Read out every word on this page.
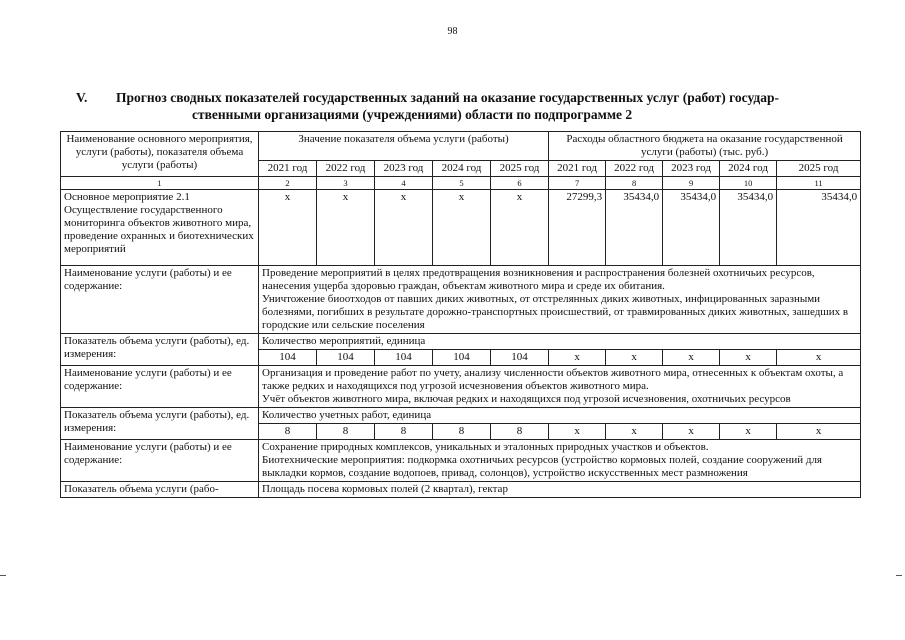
98
V. Прогноз сводных показателей государственных заданий на оказание государственных услуг (работ) государ-
ственными организациями (учреждениями) области по подпрограмме 2
Наименование основного мероприятия, услуги (работы), показателя объема услуги (работы)	Значение показателя объема услуги (работы)					Расходы областного бюджета на оказание государственной услуги (работы) (тыс. руб.)				
	2021 год	2022 год	2023 год	2024 год	2025 год	2021 год	2022 год	2023 год	2024 год	2025 год
1	2	3	4	5	6	7	8	9	10	11
Основное мероприятие 2.1 Осуществление государственного мониторинга объектов животного мира, проведение охранных и биотехнических мероприятий	х	х	х	х	х	27299,3	35434,0	35434,0	35434,0	35434,0
Наименование услуги (работы) и ее содержание:	Проведение мероприятий в целях предотвращения возникновения и распространения болезней охотничьих ресурсов, нанесения ущерба здоровью граждан, объектам животного мира и среде их обитания.
Уничтожение биоотходов от павших диких животных, от отстрелянных диких животных, инфицированных заразными болезнями, погибших в результате дорожно-транспортных происшествий, от травмированных диких животных, зашедших в городские или сельские поселения									
Показатель объема услуги (работы), ед. измерения:	Количество мероприятий, единица									
	104	104	104	104	104	х	х	х	х	х
Наименование услуги (работы) и ее содержание:	Организация и проведение работ по учету, анализу численности объектов животного мира, отнесенных к объектам охоты, а также редких и находящихся под угрозой исчезновения объектов животного мира.
Учёт объектов животного мира, включая редких и находящихся под угрозой исчезновения, охотничьих ресурсов									
Показатель объема услуги (работы), ед. измерения:	Количество учетных работ, единица									
	8	8	8	8	8	х	х	х	х	х
Наименование услуги (работы) и ее содержание:	Сохранение природных комплексов, уникальных и эталонных природных участков и объектов.
Биотехнические мероприятия: подкормка охотничьих ресурсов (устройство кормовых полей, создание сооружений для выкладки кормов, создание водопоев, привад, солонцов), устройство искусственных мест размножения									
Показатель объема услуги (рабо-	Площадь посева кормовых полей (2 квартал), гектар									
